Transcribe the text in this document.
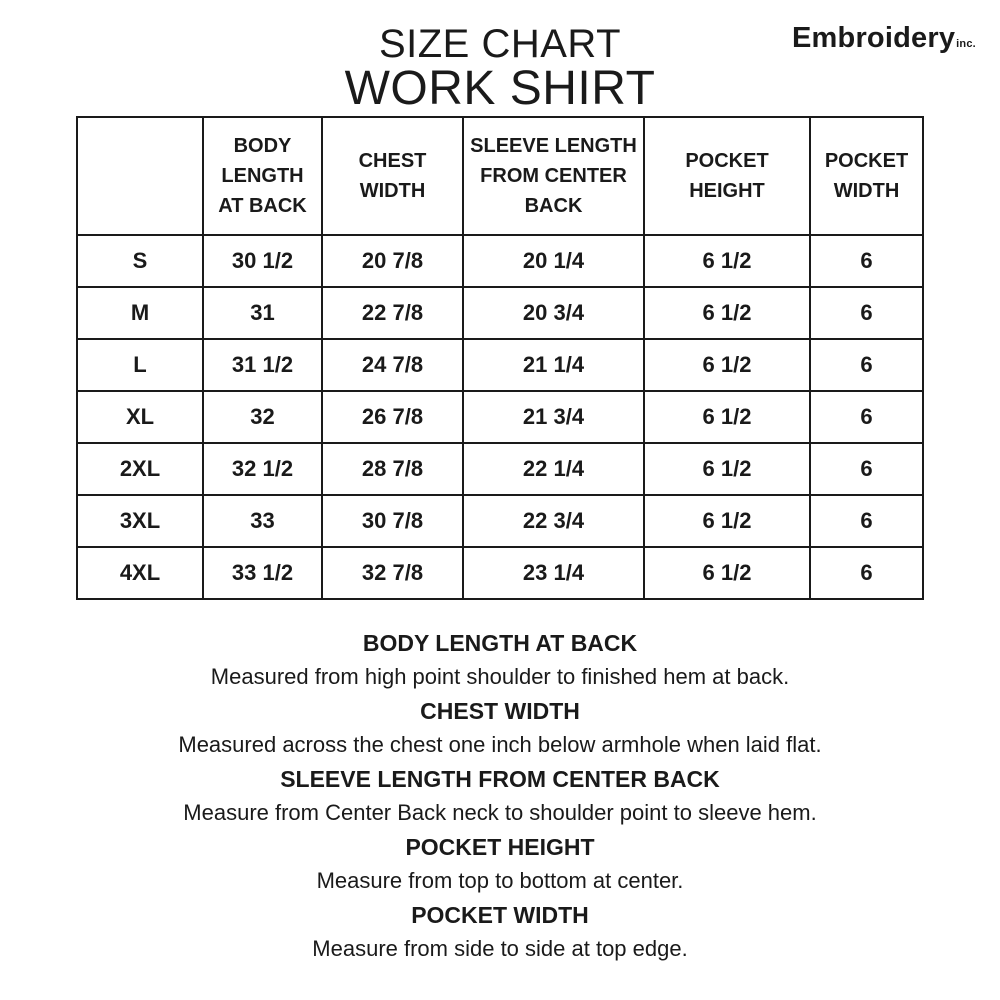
SIZE CHART
WORK SHIRT
Embroideryinc.
	BODY LENGTH AT BACK	CHEST WIDTH	SLEEVE LENGTH FROM CENTER BACK	POCKET HEIGHT	POCKET WIDTH
S	30 1/2	20 7/8	20 1/4	6 1/2	6
M	31	22 7/8	20 3/4	6 1/2	6
L	31 1/2	24 7/8	21 1/4	6 1/2	6
XL	32	26 7/8	21 3/4	6 1/2	6
2XL	32 1/2	28 7/8	22 1/4	6 1/2	6
3XL	33	30 7/8	22 3/4	6 1/2	6
4XL	33 1/2	32 7/8	23 1/4	6 1/2	6

BODY LENGTH AT BACK

Measured from high point shoulder to finished hem at back.

CHEST WIDTH

Measured across the chest one inch below armhole when laid flat.

SLEEVE LENGTH FROM CENTER BACK

Measure from Center Back neck to shoulder point to sleeve hem.

POCKET HEIGHT

Measure from top to bottom at center.

POCKET WIDTH

Measure from side to side at top edge.
